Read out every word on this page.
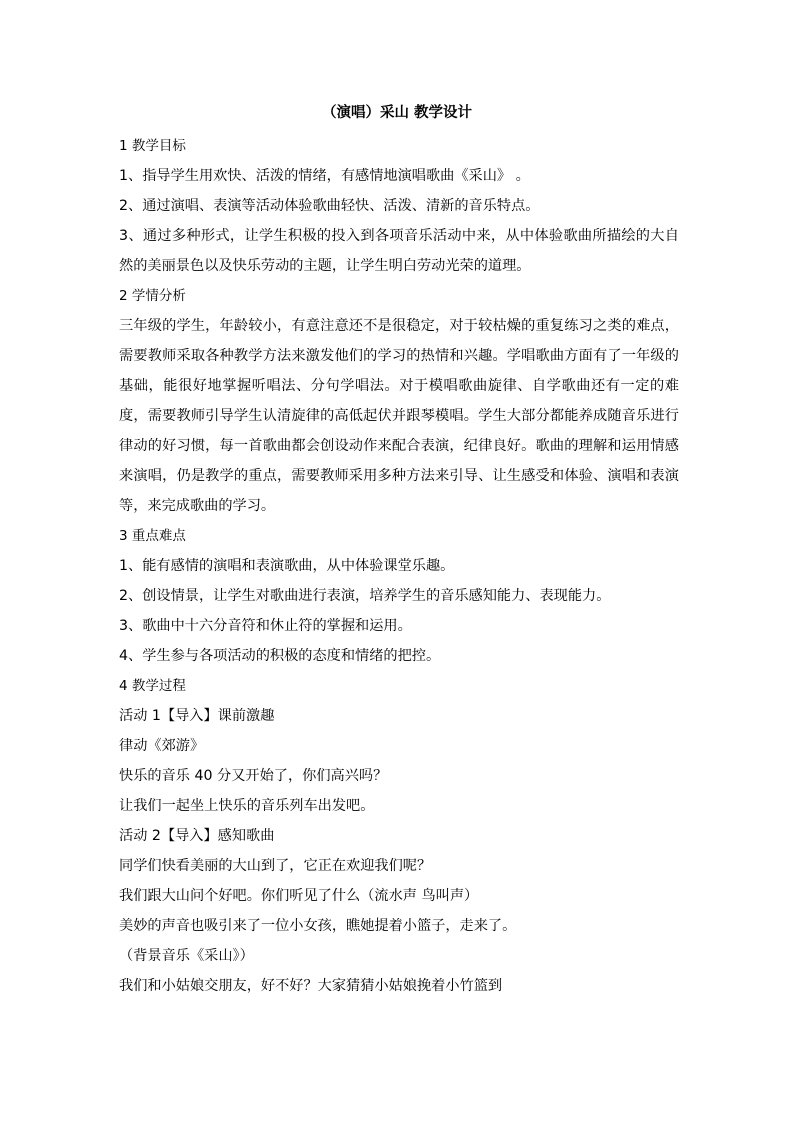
（演唱）采山 教学设计
1 教学目标
1、指导学生用欢快、活泼的情绪，有感情地演唱歌曲《采山》 。
2、通过演唱、表演等活动体验歌曲轻快、活泼、清新的音乐特点。
3、通过多种形式，让学生积极的投入到各项音乐活动中来，从中体验歌曲所描绘的大自然的美丽景色以及快乐劳动的主题，让学生明白劳动光荣的道理。
2 学情分析
三年级的学生，年龄较小，有意注意还不是很稳定，对于较枯燥的重复练习之类的难点，需要教师采取各种教学方法来激发他们的学习的热情和兴趣。学唱歌曲方面有了一年级的基础，能很好地掌握听唱法、分句学唱法。对于模唱歌曲旋律、自学歌曲还有一定的难度，需要教师引导学生认清旋律的高低起伏并跟琴模唱。学生大部分都能养成随音乐进行律动的好习惯，每一首歌曲都会创设动作来配合表演，纪律良好。歌曲的理解和运用情感来演唱，仍是教学的重点，需要教师采用多种方法来引导、让生感受和体验、演唱和表演等，来完成歌曲的学习。
3 重点难点
1、能有感情的演唱和表演歌曲，从中体验课堂乐趣。
2、创设情景，让学生对歌曲进行表演，培养学生的音乐感知能力、表现能力。
3、歌曲中十六分音符和休止符的掌握和运用。
4、学生参与各项活动的积极的态度和情绪的把控。
4 教学过程
活动 1【导入】课前激趣
律动《郊游》
快乐的音乐 40 分又开始了，你们高兴吗？
让我们一起坐上快乐的音乐列车出发吧。
活动 2【导入】感知歌曲
同学们快看美丽的大山到了，它正在欢迎我们呢？
我们跟大山问个好吧。你们听见了什么（流水声 鸟叫声）
美妙的声音也吸引来了一位小女孩，瞧她提着小篮子，走来了。
（背景音乐《采山》）
我们和小姑娘交朋友，好不好？大家猜猜小姑娘挽着小竹篮到
